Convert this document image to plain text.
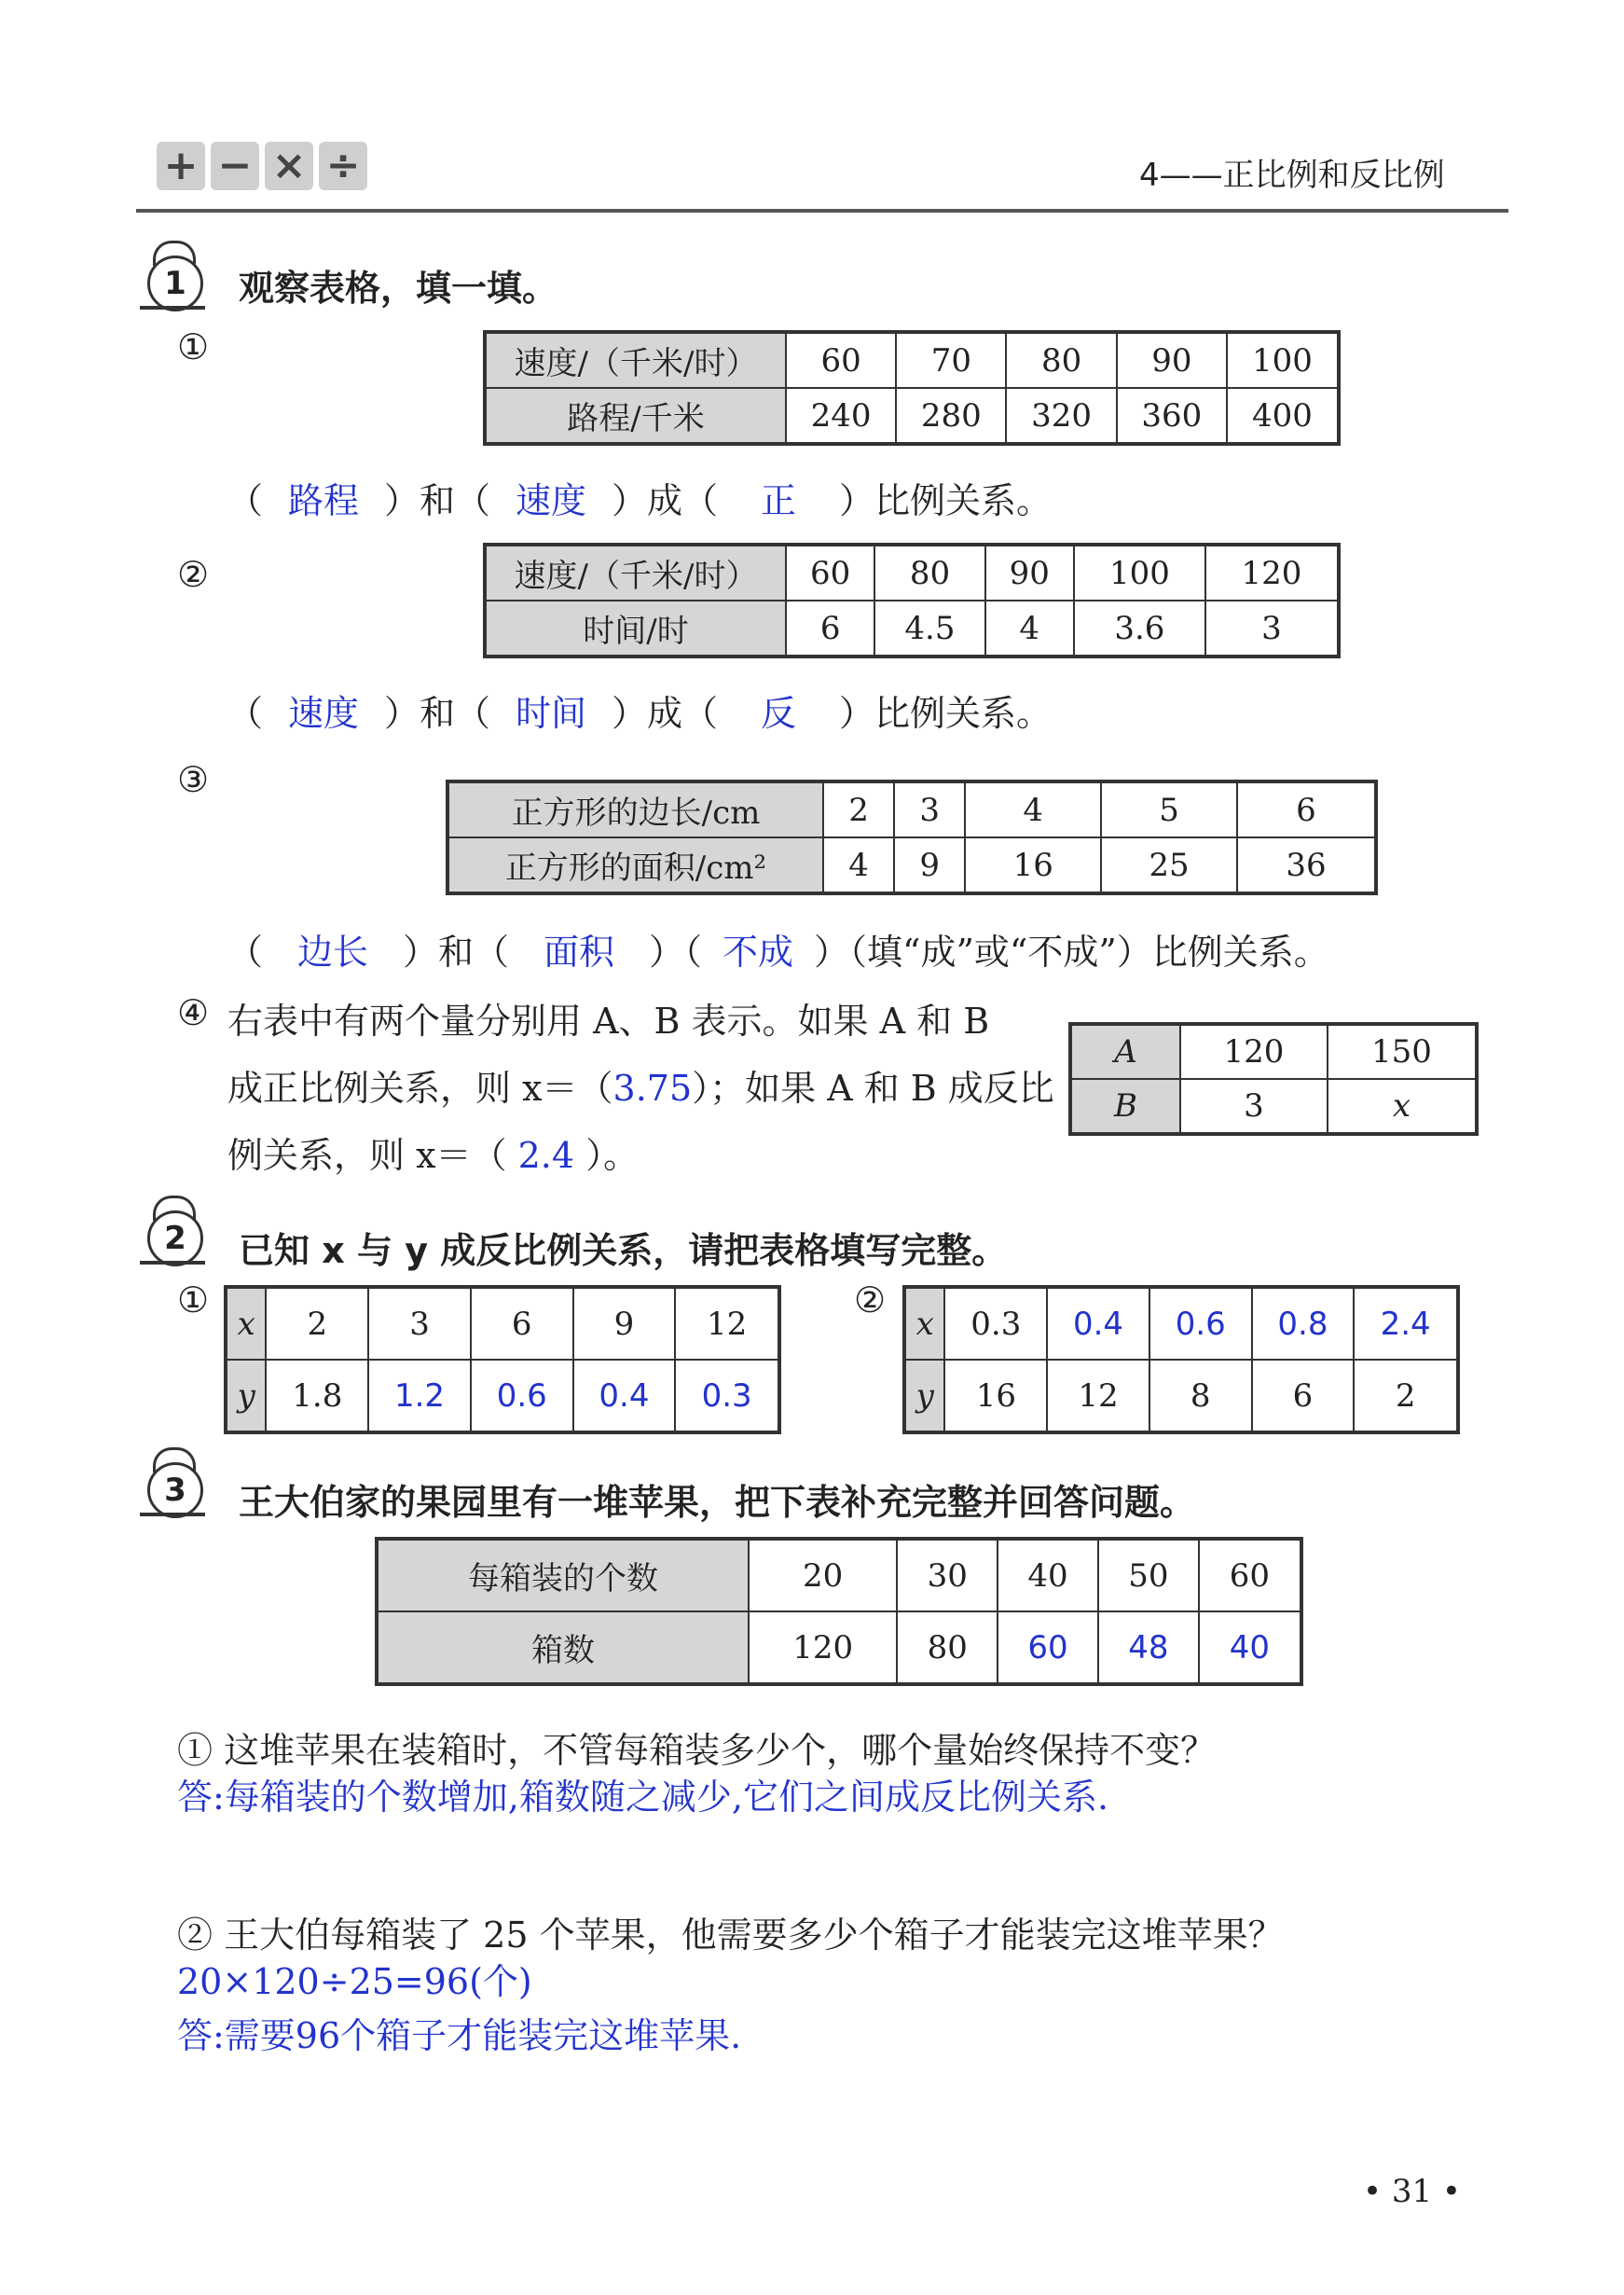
+ − × ÷	4——正比例和反比例
1	观察表格，填一填。
①	速度/（千米/时）	60	70	80	90	100
路程/千米	240	280	320	360	400
（ 路程 ）和（ 速度 ）成（ 正 ）比例关系。
②	速度/（千米/时）	60	80	90	100	120
时间/时	6	4.5	4	3.6	3
（ 速度 ）和（ 时间 ）成（ 反 ）比例关系。
③
正方形的边长/cm	2	3	4	5	6
正方形的面积/cm²	4	9	16	25	36
（ 边长 ）和（ 面积 ）（ 不成 ）（填“成”或“不成”）比例关系。
④ 右表中有两个量分别用 A、B 表示。如果 A 和 B
成正比例关系，则 x＝（3.75）；如果 A 和 B 成反比
例关系，则 x＝（ 2.4 ）。
A	120	150
B	3	x
2	已知 x 与 y 成反比例关系，请把表格填写完整。
①
x	2	3	6	9	12
y	1.8	1.2	0.6	0.4	0.3
②
x	0.3	0.4	0.6	0.8	2.4
y	16	12	8	6	2
3	王大伯家的果园里有一堆苹果，把下表补充完整并回答问题。
每箱装的个数	20	30	40	50	60
箱数	120	80	60	48	40
① 这堆苹果在装箱时，不管每箱装多少个，哪个量始终保持不变？
答:每箱装的个数增加,箱数随之减少,它们之间成反比例关系.
② 王大伯每箱装了 25 个苹果，他需要多少个箱子才能装完这堆苹果？
20×120÷25=96(个)
答:需要96个箱子才能装完这堆苹果.
• 31 •
